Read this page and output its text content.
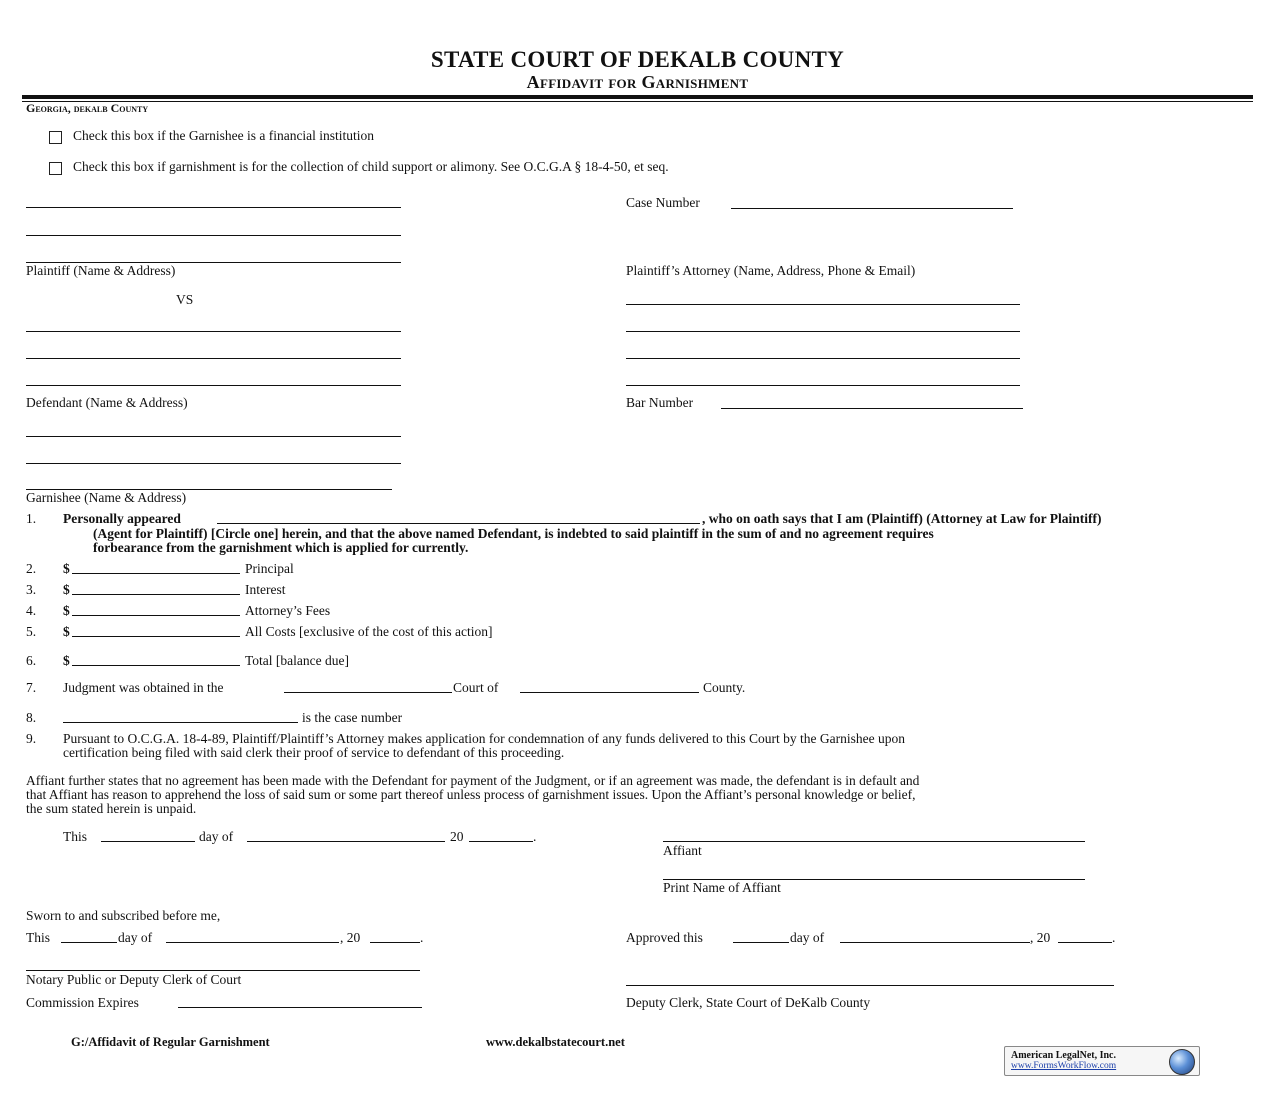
STATE COURT OF DEKALB COUNTY
Affidavit for Garnishment
Georgia, dekalb County
Check this box if the Garnishee is a financial institution
Check this box if garnishment is for the collection of child support or alimony. See O.C.G.A § 18-4-50, et seq.
Plaintiff (Name & Address)
Case Number
Plaintiff’s Attorney (Name, Address, Phone & Email)
VS
Defendant (Name & Address)	Bar Number
Garnishee (Name & Address)
1. Personally appeared	, who on oath says that I am (Plaintiff) (Attorney at Law for Plaintiff)
(Agent for Plaintiff) [Circle one] herein, and that the above named Defendant, is indebted to said plaintiff in the sum of and no agreement requires
forbearance from the garnishment which is applied for currently.
2. $	Principal
3. $	Interest
4. $	Attorney’s Fees
5. $	All Costs [exclusive of the cost of this action]
6. $	Total [balance due]
7. Judgment was obtained in the	Court of	County.
8.	is the case number
9. Pursuant to O.C.G.A. 18-4-89, Plaintiff/Plaintiff’s Attorney makes application for condemnation of any funds delivered to this Court by the Garnishee upon
certification being filed with said clerk their proof of service to defendant of this proceeding.
Affiant further states that no agreement has been made with the Defendant for payment of the Judgment, or if an agreement was made, the defendant is in default and
that Affiant has reason to apprehend the loss of said sum or some part thereof unless process of garnishment issues. Upon the Affiant’s personal knowledge or belief,
the sum stated herein is unpaid.
This	day of	20	.
Affiant
Print Name of Affiant
Sworn to and subscribed before me,
This	day of	, 20	.	Approved this	day of	, 20	.
Notary Public or Deputy Clerk of Court
Commission Expires	Deputy Clerk, State Court of DeKalb County
G:/Affidavit of Regular Garnishment	www.dekalbstatecourt.net
American LegalNet, Inc.
www.FormsWorkFlow.com
